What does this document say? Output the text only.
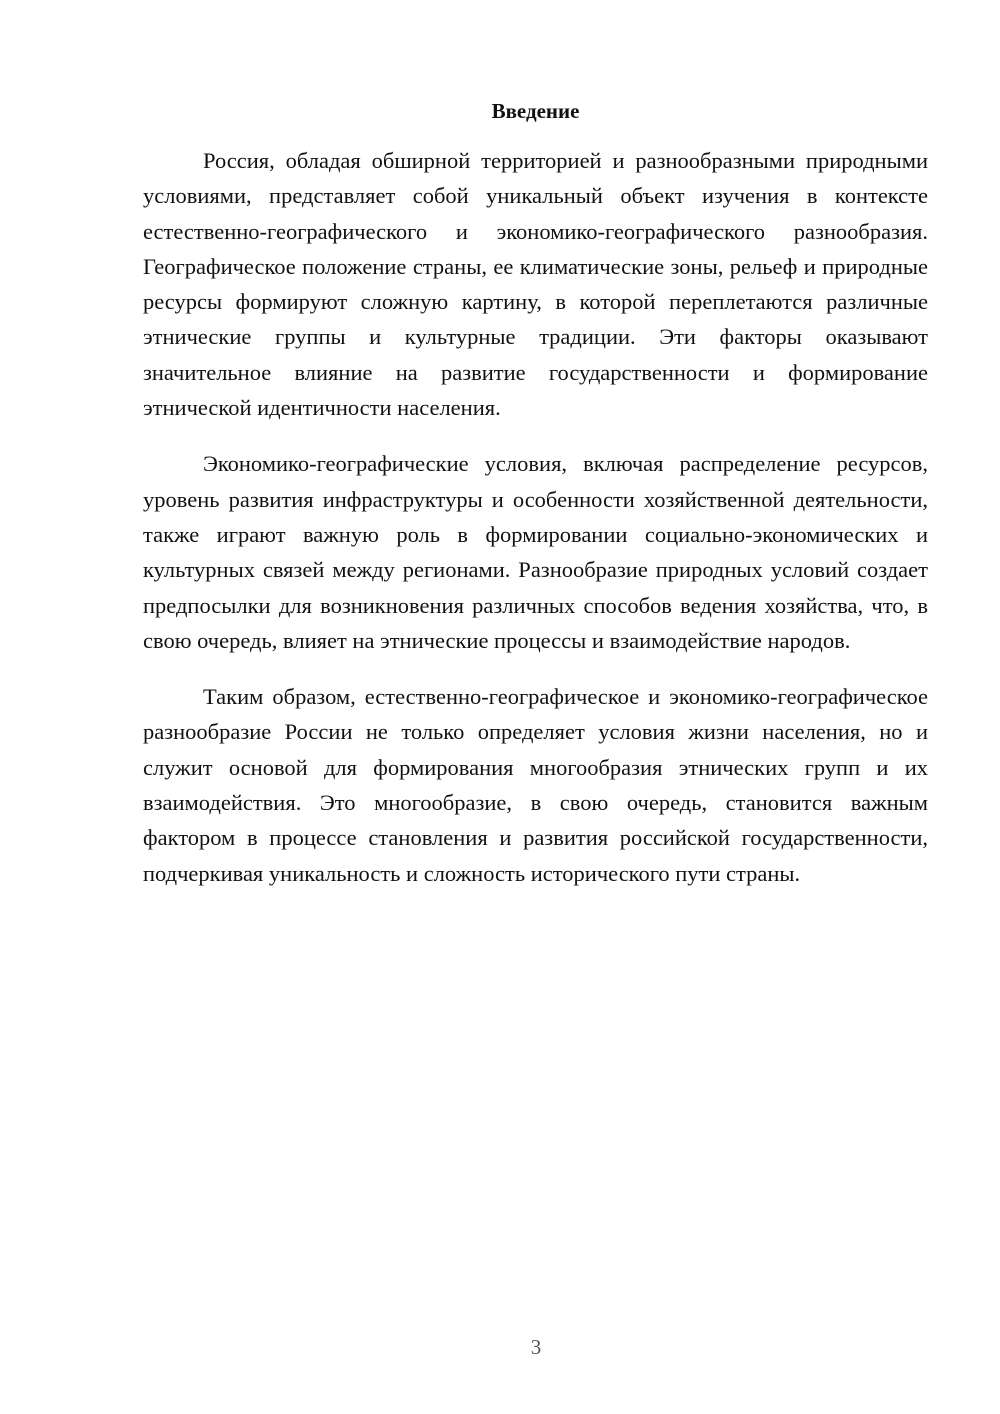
Введение

Россия, обладая обширной территорией и разнообразными природными условиями, представляет собой уникальный объект изучения в контексте естественно-географического и экономико-географического разнообразия. Географическое положение страны, ее климатические зоны, рельеф и природные ресурсы формируют сложную картину, в которой переплетаются различные этнические группы и культурные традиции. Эти факторы оказывают значительное влияние на развитие государственности и формирование этнической идентичности населения.

Экономико-географические условия, включая распределение ресурсов, уровень развития инфраструктуры и особенности хозяйственной деятельности, также играют важную роль в формировании социально-экономических и культурных связей между регионами. Разнообразие природных условий создает предпосылки для возникновения различных способов ведения хозяйства, что, в свою очередь, влияет на этнические процессы и взаимодействие народов.

Таким образом, естественно-географическое и экономико-географическое разнообразие России не только определяет условия жизни населения, но и служит основой для формирования многообразия этнических групп и их взаимодействия. Это многообразие, в свою очередь, становится важным фактором в процессе становления и развития российской государственности, подчеркивая уникальность и сложность исторического пути страны.

3
